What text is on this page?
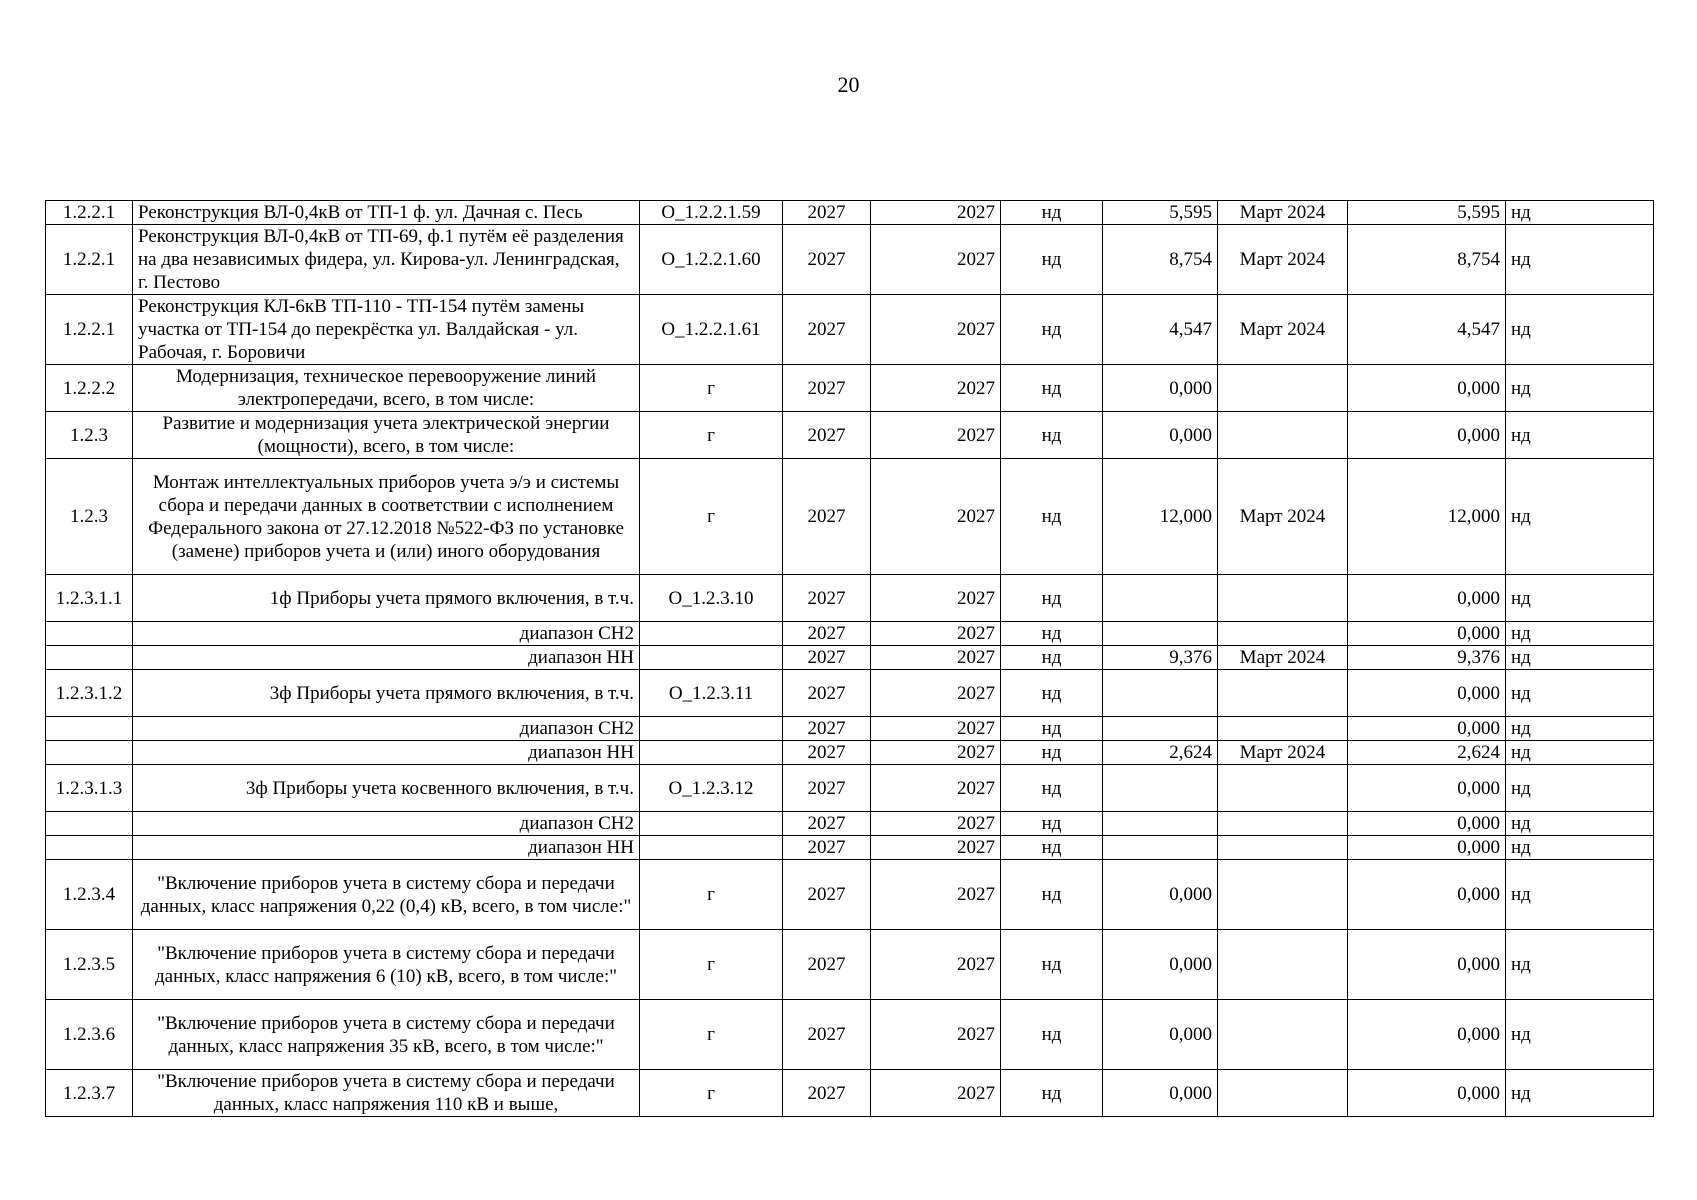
20
1.2.2.1	Реконструкция ВЛ-0,4кВ от ТП-1 ф. ул. Дачная с. Песь	О_1.2.2.1.59	2027	2027	нд	5,595	Март 2024	5,595	нд
1.2.2.1	Реконструкция ВЛ-0,4кВ от ТП-69, ф.1 путём её разделения на два независимых фидера, ул. Кирова-ул. Ленинградская, г. Пестово	О_1.2.2.1.60	2027	2027	нд	8,754	Март 2024	8,754	нд
1.2.2.1	Реконструкция КЛ-6кВ ТП-110 - ТП-154 путём замены участка от ТП-154 до перекрёстка ул. Валдайская - ул. Рабочая, г. Боровичи	О_1.2.2.1.61	2027	2027	нд	4,547	Март 2024	4,547	нд
1.2.2.2	Модернизация, техническое перевооружение линий электропередачи, всего, в том числе:	г	2027	2027	нд	0,000		0,000	нд
1.2.3	Развитие и модернизация учета электрической энергии (мощности), всего, в том числе:	г	2027	2027	нд	0,000		0,000	нд
1.2.3	Монтаж интеллектуальных приборов учета э/э и системы сбора и передачи данных в соответствии с исполнением Федерального закона от 27.12.2018 №522-ФЗ по установке (замене) приборов учета и (или) иного оборудования	г	2027	2027	нд	12,000	Март 2024	12,000	нд
1.2.3.1.1	1ф Приборы учета прямого включения, в т.ч.	О_1.2.3.10	2027	2027	нд			0,000	нд
	диапазон СН2		2027	2027	нд			0,000	нд
	диапазон НН		2027	2027	нд	9,376	Март 2024	9,376	нд
1.2.3.1.2	3ф Приборы учета прямого включения, в т.ч.	О_1.2.3.11	2027	2027	нд			0,000	нд
	диапазон СН2		2027	2027	нд			0,000	нд
	диапазон НН		2027	2027	нд	2,624	Март 2024	2,624	нд
1.2.3.1.3	3ф Приборы учета косвенного включения, в т.ч.	О_1.2.3.12	2027	2027	нд			0,000	нд
	диапазон СН2		2027	2027	нд			0,000	нд
	диапазон НН		2027	2027	нд			0,000	нд
1.2.3.4	"Включение приборов учета в систему сбора и передачи данных, класс напряжения 0,22 (0,4) кВ, всего, в том числе:"	г	2027	2027	нд	0,000		0,000	нд
1.2.3.5	"Включение приборов учета в систему сбора и передачи данных, класс напряжения 6 (10) кВ, всего, в том числе:"	г	2027	2027	нд	0,000		0,000	нд
1.2.3.6	"Включение приборов учета в систему сбора и передачи данных, класс напряжения 35 кВ, всего, в том числе:"	г	2027	2027	нд	0,000		0,000	нд
1.2.3.7	"Включение приборов учета в систему сбора и передачи данных, класс напряжения 110 кВ и выше,	г	2027	2027	нд	0,000		0,000	нд
